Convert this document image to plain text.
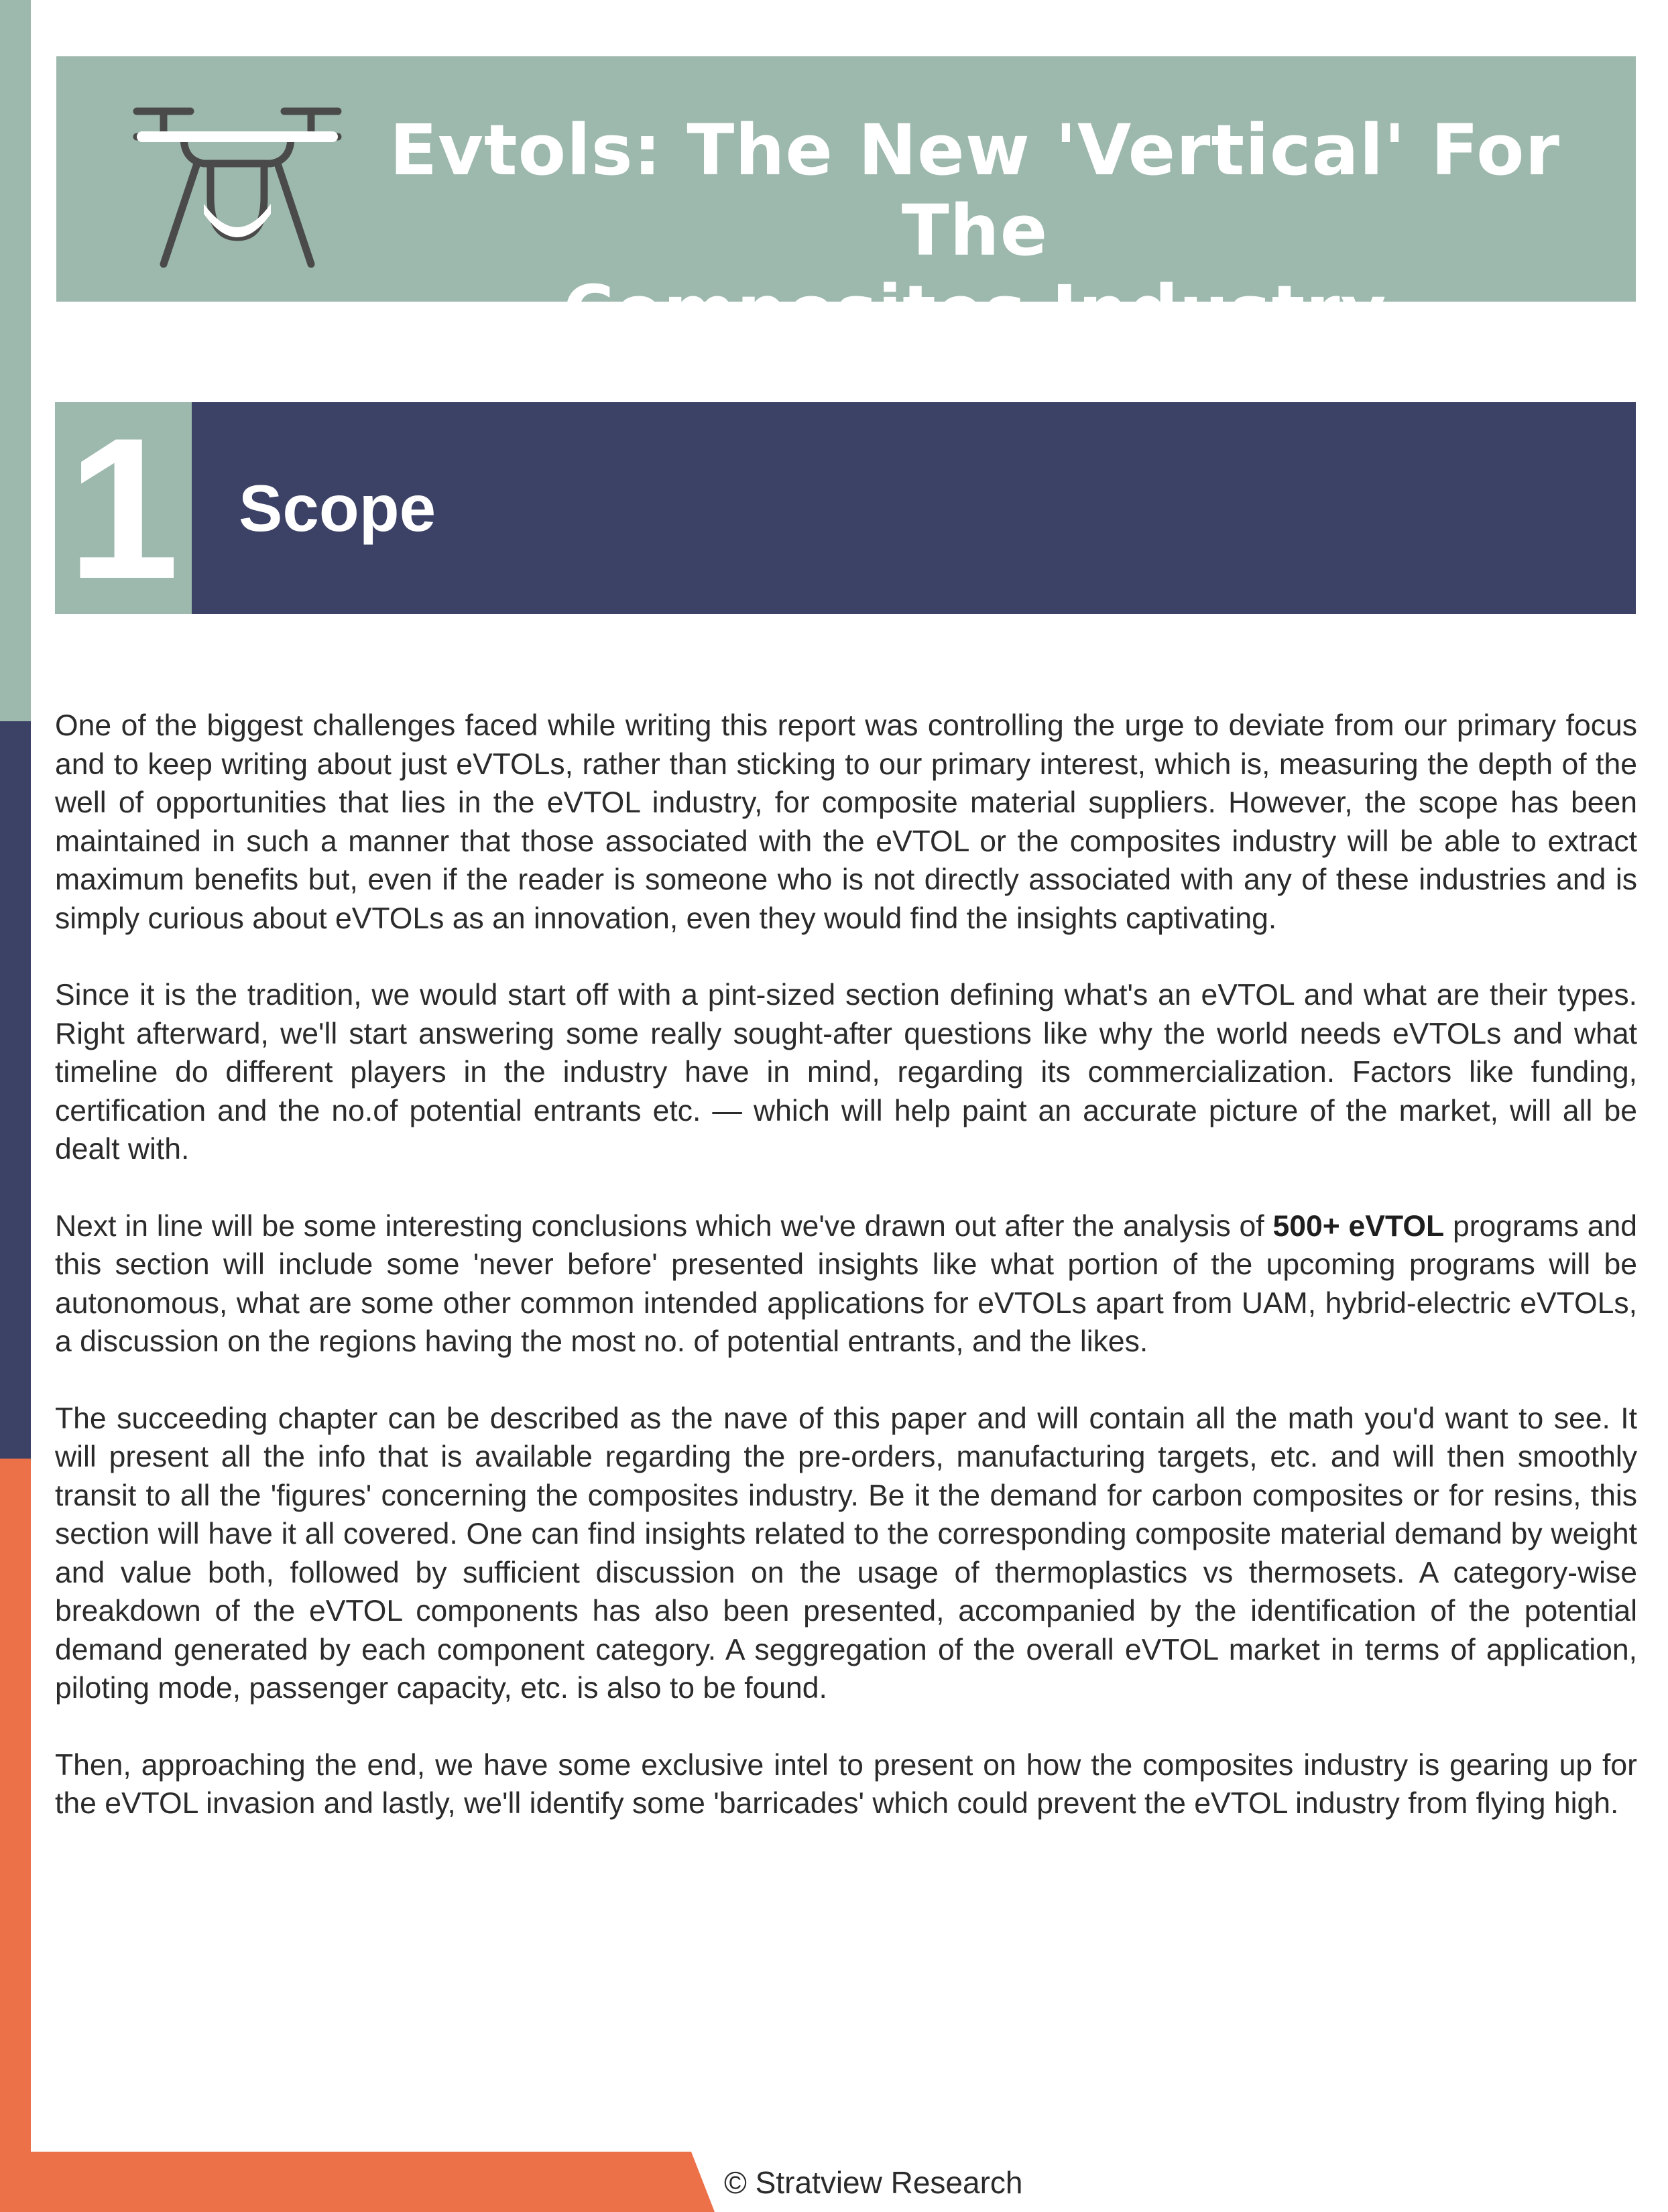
Evtols: The New 'Vertical' For The
Composites Industry
1 Scope

One of the biggest challenges faced while writing this report was controlling the urge to deviate from our primary focus and to keep writing about just eVTOLs, rather than sticking to our primary interest, which is, measuring the depth of the well of opportunities that lies in the eVTOL industry, for composite material suppliers. However, the scope has been maintained in such a manner that those associated with the eVTOL or the composites industry will be able to extract maximum benefits but, even if the reader is someone who is not directly associated with any of these industries and is simply curious about eVTOLs as an innovation, even they would find the insights captivating.

Since it is the tradition, we would start off with a pint-sized section defining what's an eVTOL and what are their types. Right afterward, we'll start answering some really sought-after questions like why the world needs eVTOLs and what timeline do different players in the industry have in mind, regarding its commercialization. Factors like funding, certification and the no.of potential entrants etc. — which will help paint an accurate picture of the market, will all be dealt with.

Next in line will be some interesting conclusions which we've drawn out after the analysis of 500+ eVTOL programs and this section will include some 'never before' presented insights like what portion of the upcoming programs will be autonomous, what are some other common intended applications for eVTOLs apart from UAM, hybrid-electric eVTOLs, a discussion on the regions having the most no. of potential entrants, and the likes.

The succeeding chapter can be described as the nave of this paper and will contain all the math you'd want to see. It will present all the info that is available regarding the pre-orders, manufacturing targets, etc. and will then smoothly transit to all the 'figures' concerning the composites industry. Be it the demand for carbon composites or for resins, this section will have it all covered. One can find insights related to the corresponding composite material demand by weight and value both, followed by sufficient discussion on the usage of thermoplastics vs thermosets. A category-wise breakdown of the eVTOL components has also been presented, accompanied by the identification of the potential demand generated by each component category. A seggregation of the overall eVTOL market in terms of application, piloting mode, passenger capacity, etc. is also to be found.

Then, approaching the end, we have some exclusive intel to present on how the composites industry is gearing up for the eVTOL invasion and lastly, we'll identify some 'barricades' which could prevent the eVTOL industry from flying high.

© Stratview Research
